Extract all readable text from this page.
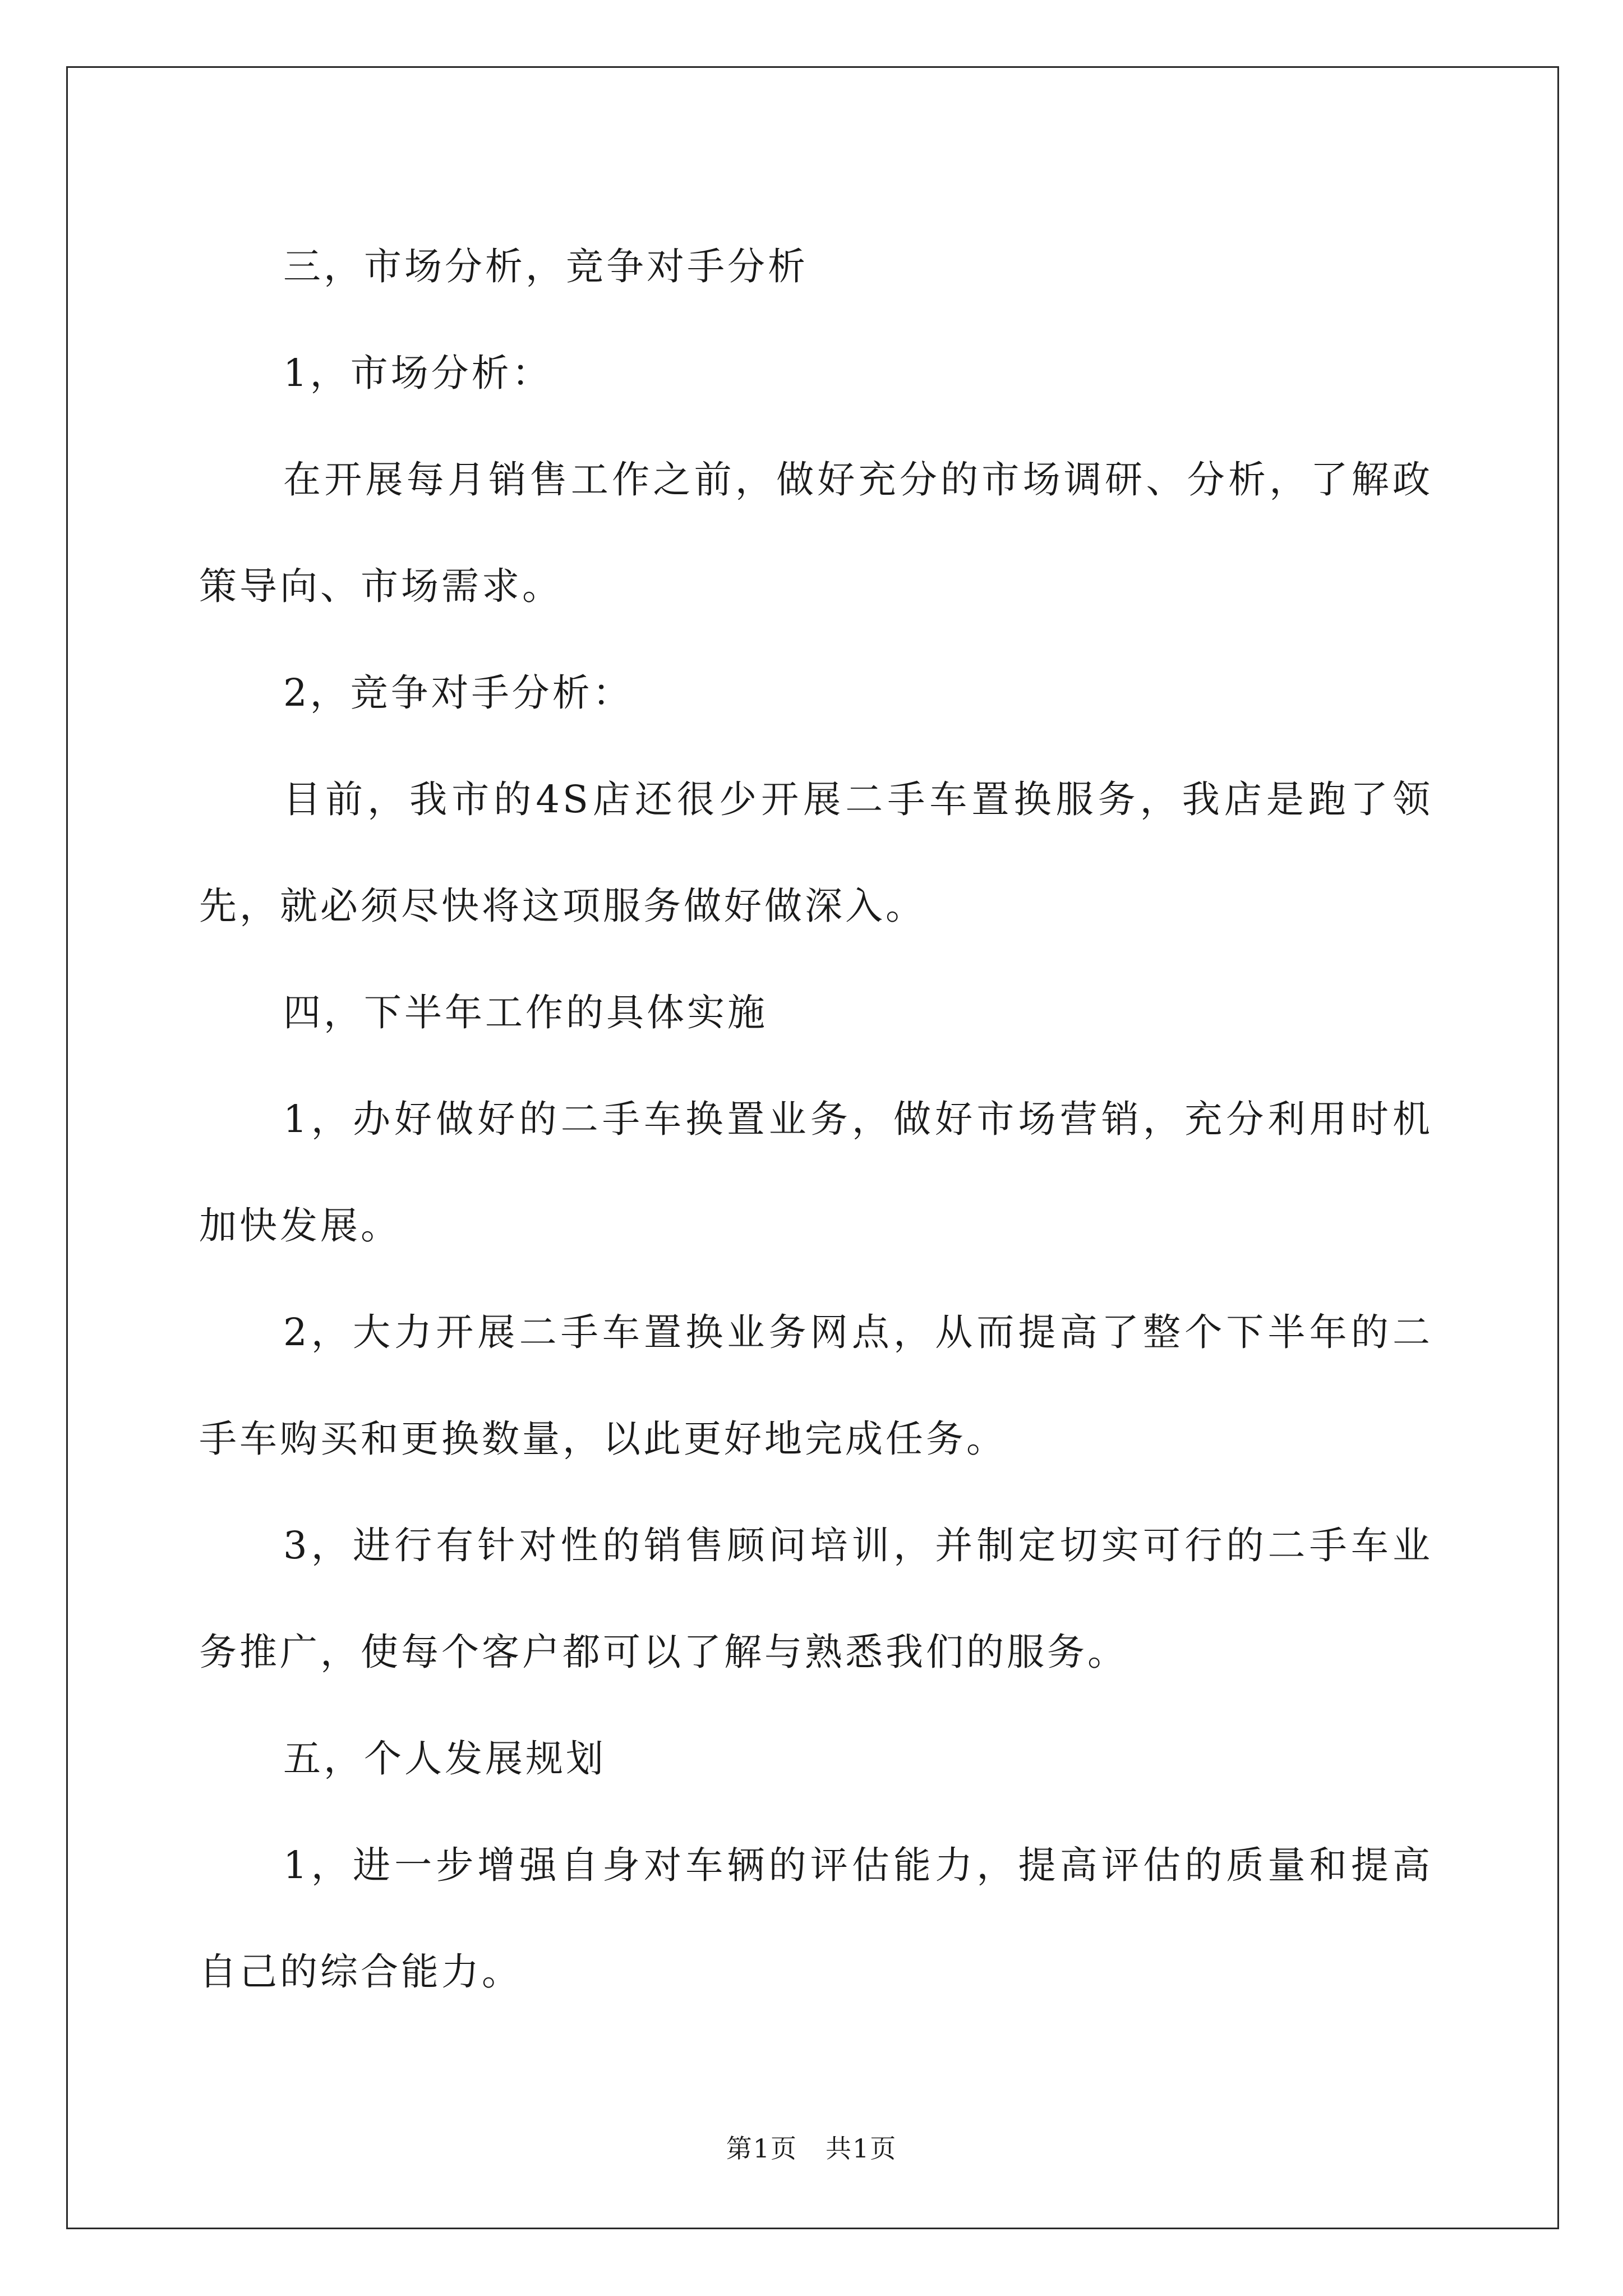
三，市场分析，竞争对手分析

1，市场分析：

在开展每月销售工作之前，做好充分的市场调研、分析，了解政策导向、市场需求。

2，竞争对手分析：

目前，我市的4S店还很少开展二手车置换服务，我店是跑了领先，就必须尽快将这项服务做好做深入。

四，下半年工作的具体实施

1，办好做好的二手车换置业务，做好市场营销，充分利用时机加快发展。

2，大力开展二手车置换业务网点，从而提高了整个下半年的二手车购买和更换数量，以此更好地完成任务。

3，进行有针对性的销售顾问培训，并制定切实可行的二手车业务推广，使每个客户都可以了解与熟悉我们的服务。

五，个人发展规划

1，进一步增强自身对车辆的评估能力，提高评估的质量和提高自己的综合能力。

第1页 共1页
